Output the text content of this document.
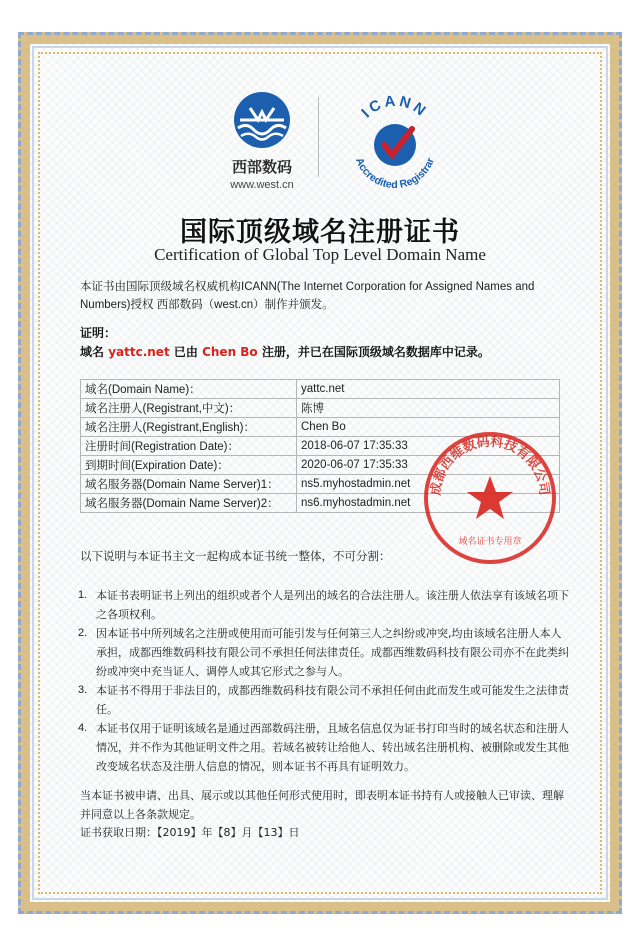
西部数码
www.west.cn
ICANN
Accredited Registrar
国际顶级域名注册证书
Certification of Global Top Level Domain Name
本证书由国际顶级域名权威机构ICANN(The Internet Corporation for Assigned Names and Numbers)授权 西部数码（west.cn）制作并颁发。
证明：
域名 yattc.net 已由 Chen Bo 注册，并已在国际顶级域名数据库中记录。
域名(Domain Name)：	yattc.net
域名注册人(Registrant,中文)：	陈博
域名注册人(Registrant,English)：	Chen Bo
注册时间(Registration Date)：	2018-06-07 17:35:33
到期时间(Expiration Date)：	2020-06-07 17:35:33
域名服务器(Domain Name Server)1：	ns5.myhostadmin.net
域名服务器(Domain Name Server)2：	ns6.myhostadmin.net
成都西维数码科技有限公司
域名证书专用章
以下说明与本证书主文一起构成本证书统一整体，不可分割：
1. 本证书表明证书上列出的组织或者个人是列出的域名的合法注册人。该注册人依法享有该域名项下之各项权利。
2. 因本证书中所列域名之注册或使用而可能引发与任何第三人之纠纷或冲突,均由该域名注册人本人承担，成都西维数码科技有限公司不承担任何法律责任。成都西维数码科技有限公司亦不在此类纠纷或冲突中充当证人、调停人或其它形式之参与人。
3. 本证书不得用于非法目的，成都西维数码科技有限公司不承担任何由此而发生或可能发生之法律责任。
4. 本证书仅用于证明该域名是通过西部数码注册，且域名信息仅为证书打印当时的域名状态和注册人情况，并不作为其他证明文件之用。若域名被转让给他人、转出域名注册机构、被删除或发生其他改变域名状态及注册人信息的情况，则本证书不再具有证明效力。
当本证书被申请、出具、展示或以其他任何形式使用时，即表明本证书持有人或接触人已审读、理解并同意以上各条款规定。
证书获取日期：【2019】年【8】月【13】日
